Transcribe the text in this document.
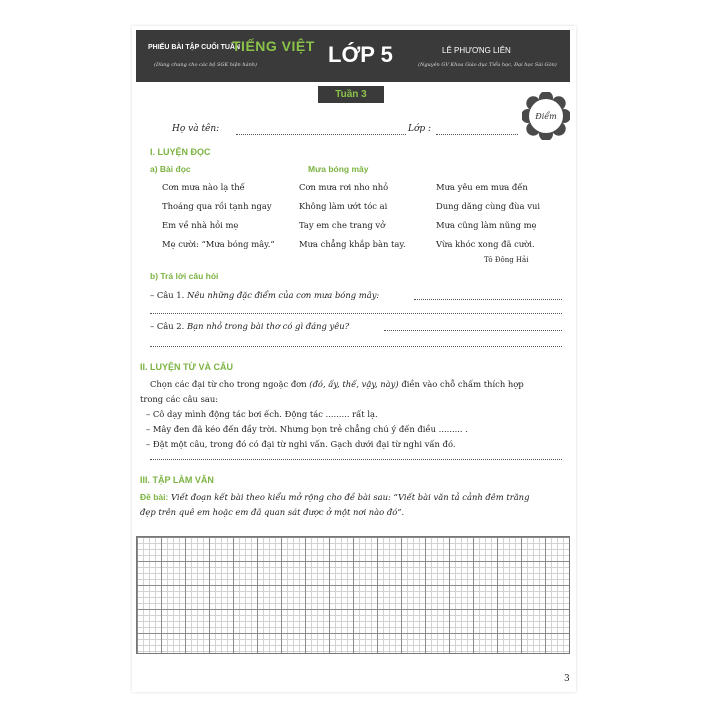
PHIẾU BÀI TẬP CUỐI TUẦN
TIẾNG VIỆT
(Dùng chung cho các bộ SGK hiện hành)	LỚP 5	LÊ PHƯƠNG LIÊN
(Nguyên GV Khoa Giáo dục Tiểu học, Đại học Sài Gòn)
Tuần 3
Điểm
Họ và tên:	Lớp :
I. LUYỆN ĐỌC
a) Bài đọc	Mưa bóng mây
Cơn mưa nào lạ thế
Thoáng qua rồi tạnh ngay
Em về nhà hỏi mẹ
Mẹ cười: “Mưa bóng mây.”
Cơn mưa rơi nho nhỏ
Không làm ướt tóc ai
Tay em che trang vở
Mưa chẳng khắp bàn tay.
Mưa yêu em mưa đến
Dung dăng cùng đùa vui
Mưa cũng làm nũng mẹ
Vừa khóc xong đã cười.
Tô Đông Hải
b) Trả lời câu hỏi
– Câu 1. Nêu những đặc điểm của cơn mưa bóng mây:
– Câu 2. Bạn nhỏ trong bài thơ có gì đáng yêu?
II. LUYỆN TỪ VÀ CÂU
Chọn các đại từ cho trong ngoặc đơn (đó, ấy, thế, vậy, này) điền vào chỗ chấm thích hợp
trong các câu sau:
– Cô dạy mình động tác bơi ếch. Động tác ......... rất lạ.
– Mây đen đã kéo đến đầy trời. Nhưng bọn trẻ chẳng chú ý đến điều ......... .
– Đặt một câu, trong đó có đại từ nghi vấn. Gạch dưới đại từ nghi vấn đó.
III. TẬP LÀM VĂN
Đề bài: Viết đoạn kết bài theo kiểu mở rộng cho đề bài sau: “Viết bài văn tả cảnh đêm trăng
đẹp trên quê em hoặc em đã quan sát được ở một nơi nào đó”.
3
